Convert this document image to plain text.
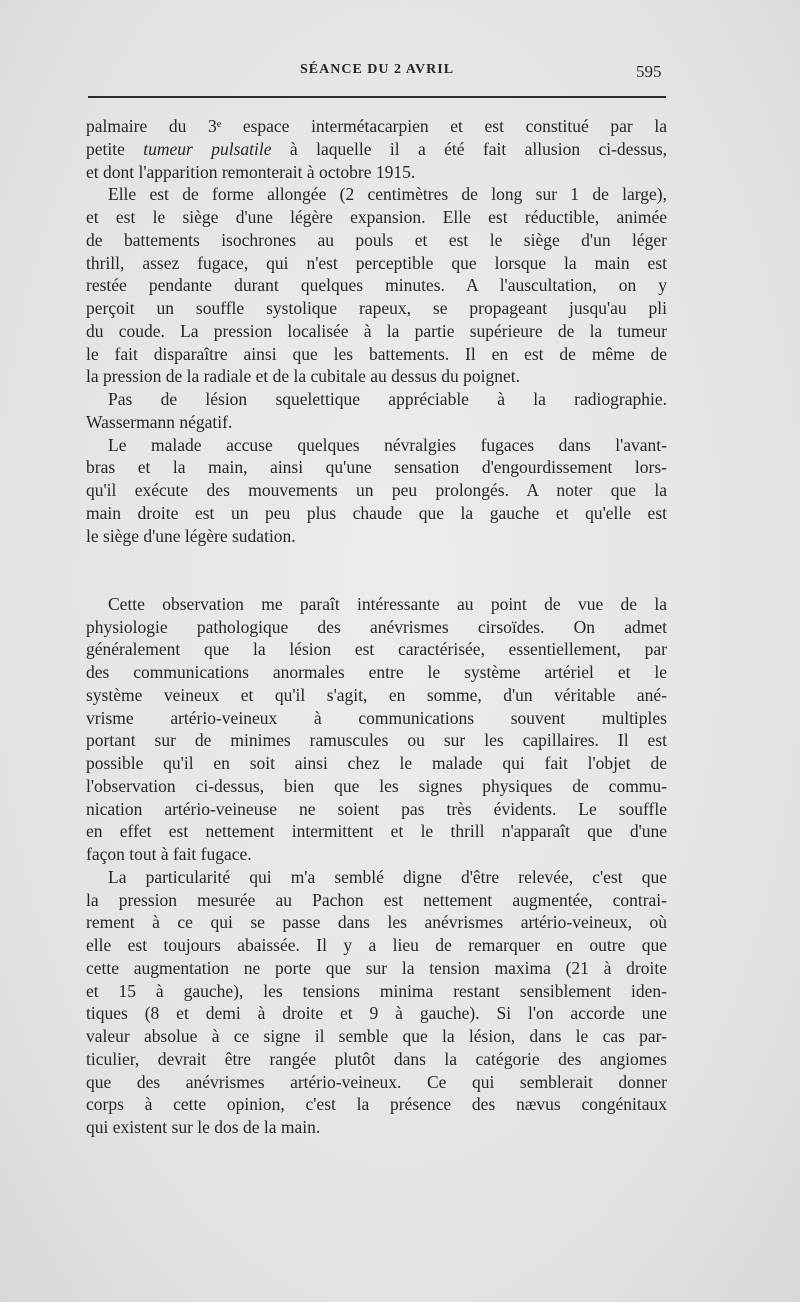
SÉANCE DU 2 AVRIL	595
palmaire du 3ᵉ espace intermétacarpien et est constitué par la
petite tumeur pulsatile à laquelle il a été fait allusion ci-dessus,
et dont l'apparition remonterait à octobre 1915.
Elle est de forme allongée (2 centimètres de long sur 1 de large),
et est le siège d'une légère expansion. Elle est réductible, animée
de battements isochrones au pouls et est le siège d'un léger
thrill, assez fugace, qui n'est perceptible que lorsque la main est
restée pendante durant quelques minutes. A l'auscultation, on y
perçoit un souffle systolique rapeux, se propageant jusqu'au pli
du coude. La pression localisée à la partie supérieure de la tumeur
le fait disparaître ainsi que les battements. Il en est de même de
la pression de la radiale et de la cubitale au dessus du poignet.
Pas de lésion squelettique appréciable à la radiographie.
Wassermann négatif.
Le malade accuse quelques névralgies fugaces dans l'avant-
bras et la main, ainsi qu'une sensation d'engourdissement lors-
qu'il exécute des mouvements un peu prolongés. A noter que la
main droite est un peu plus chaude que la gauche et qu'elle est
le siège d'une légère sudation.
Cette observation me paraît intéressante au point de vue de la
physiologie pathologique des anévrismes cirsoïdes. On admet
généralement que la lésion est caractérisée, essentiellement, par
des communications anormales entre le système artériel et le
système veineux et qu'il s'agit, en somme, d'un véritable ané-
vrisme artério-veineux à communications souvent multiples
portant sur de minimes ramuscules ou sur les capillaires. Il est
possible qu'il en soit ainsi chez le malade qui fait l'objet de
l'observation ci-dessus, bien que les signes physiques de commu-
nication artério-veineuse ne soient pas très évidents. Le souffle
en effet est nettement intermittent et le thrill n'apparaît que d'une
façon tout à fait fugace.
La particularité qui m'a semblé digne d'être relevée, c'est que
la pression mesurée au Pachon est nettement augmentée, contrai-
rement à ce qui se passe dans les anévrismes artério-veineux, où
elle est toujours abaissée. Il y a lieu de remarquer en outre que
cette augmentation ne porte que sur la tension maxima (21 à droite
et 15 à gauche), les tensions minima restant sensiblement iden-
tiques (8 et demi à droite et 9 à gauche). Si l'on accorde une
valeur absolue à ce signe il semble que la lésion, dans le cas par-
ticulier, devrait être rangée plutôt dans la catégorie des angiomes
que des anévrismes artério-veineux. Ce qui semblerait donner
corps à cette opinion, c'est la présence des nævus congénitaux
qui existent sur le dos de la main.
